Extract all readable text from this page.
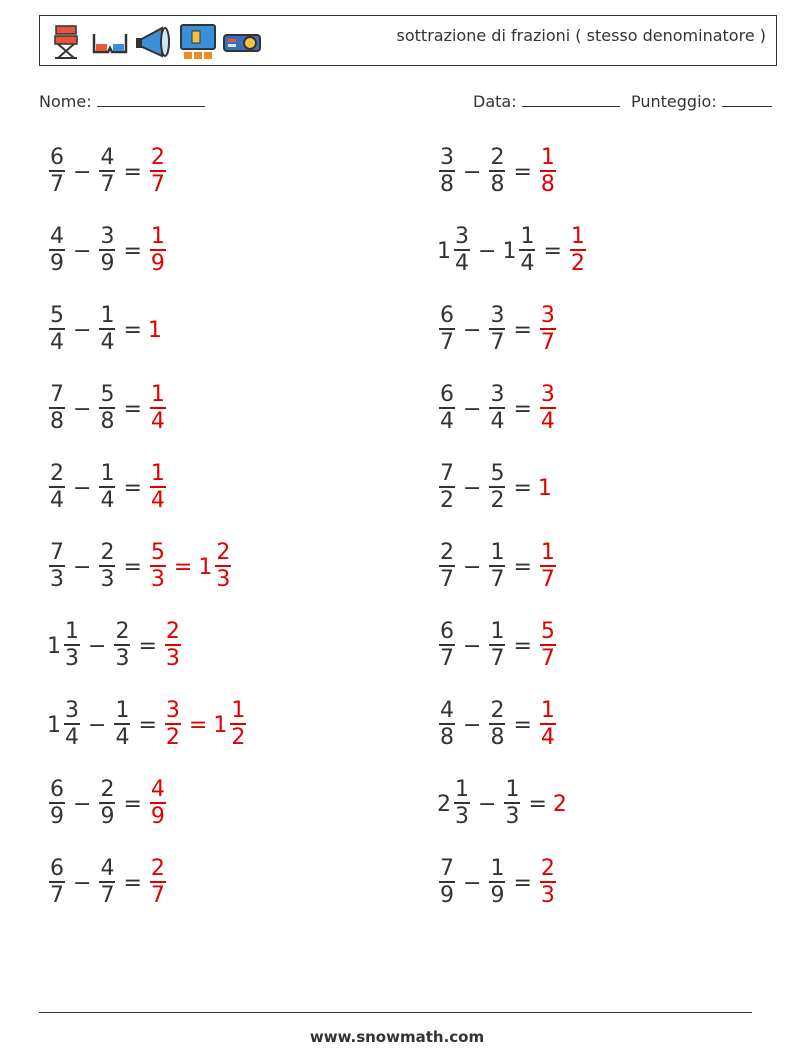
sottrazione di frazioni ( stesso denominatore )
Nome:	Data:	Punteggio:
$\frac{6}{7} - \frac{4}{7} = \frac{2}{7}$
$\frac{4}{9} - \frac{3}{9} = \frac{1}{9}$
$\frac{5}{4} - \frac{1}{4} = 1$
$\frac{7}{8} - \frac{5}{8} = \frac{1}{4}$
$\frac{2}{4} - \frac{1}{4} = \frac{1}{4}$
$\frac{7}{3} - \frac{2}{3} = \frac{5}{3} = 1 \frac{2}{3}$
$1 \frac{1}{3} - \frac{2}{3} = \frac{2}{3}$
$1 \frac{3}{4} - \frac{1}{4} = \frac{3}{2} = 1 \frac{1}{2}$
$\frac{6}{9} - \frac{2}{9} = \frac{4}{9}$
$\frac{6}{7} - \frac{4}{7} = \frac{2}{7}$
$\frac{3}{8} - \frac{2}{8} = \frac{1}{8}$
$1 \frac{3}{4} - 1 \frac{1}{4} = \frac{1}{2}$
$\frac{6}{7} - \frac{3}{7} = \frac{3}{7}$
$\frac{6}{4} - \frac{3}{4} = \frac{3}{4}$
$\frac{7}{2} - \frac{5}{2} = 1$
$\frac{2}{7} - \frac{1}{7} = \frac{1}{7}$
$\frac{6}{7} - \frac{1}{7} = \frac{5}{7}$
$\frac{4}{8} - \frac{2}{8} = \frac{1}{4}$
$2 \frac{1}{3} - \frac{1}{3} = 2$
$\frac{7}{9} - \frac{1}{9} = \frac{2}{3}$
www.snowmath.com
